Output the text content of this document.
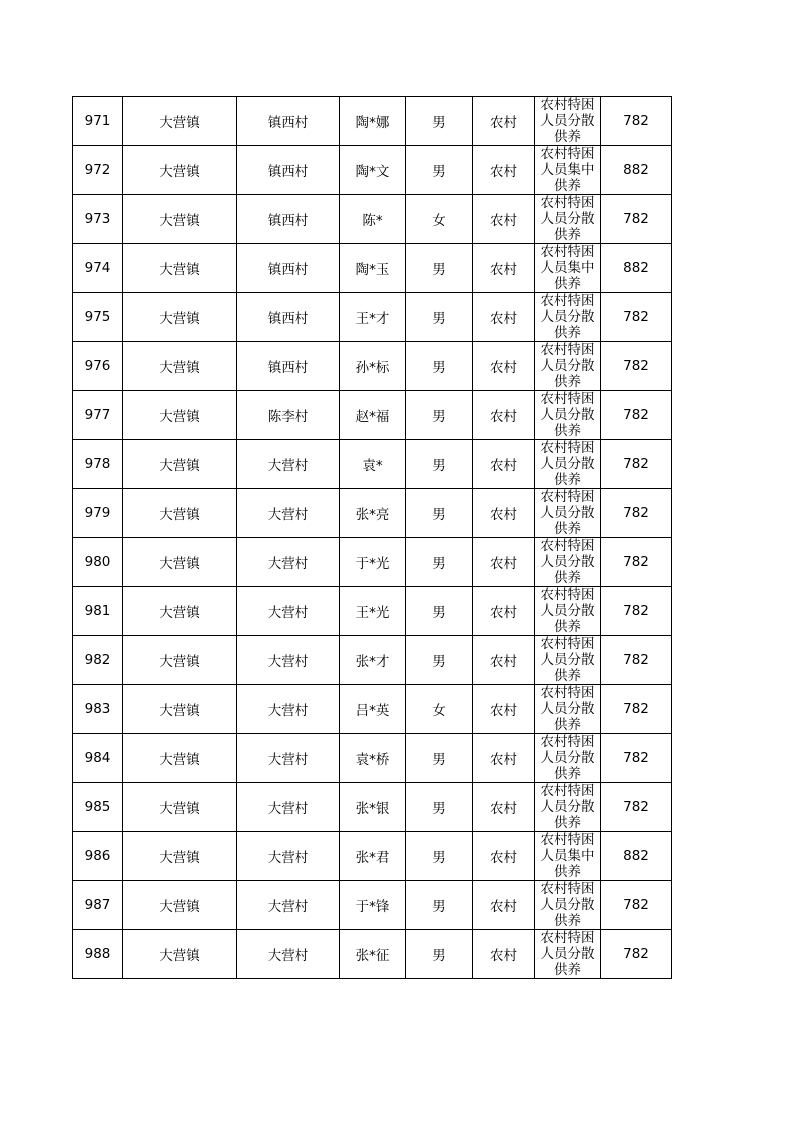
971	大营镇	镇西村	陶*娜	男	农村	农村特困人员分散供养	782
972	大营镇	镇西村	陶*文	男	农村	农村特困人员集中供养	882
973	大营镇	镇西村	陈*	女	农村	农村特困人员分散供养	782
974	大营镇	镇西村	陶*玉	男	农村	农村特困人员集中供养	882
975	大营镇	镇西村	王*才	男	农村	农村特困人员分散供养	782
976	大营镇	镇西村	孙*标	男	农村	农村特困人员分散供养	782
977	大营镇	陈李村	赵*福	男	农村	农村特困人员分散供养	782
978	大营镇	大营村	袁*	男	农村	农村特困人员分散供养	782
979	大营镇	大营村	张*亮	男	农村	农村特困人员分散供养	782
980	大营镇	大营村	于*光	男	农村	农村特困人员分散供养	782
981	大营镇	大营村	王*光	男	农村	农村特困人员分散供养	782
982	大营镇	大营村	张*才	男	农村	农村特困人员分散供养	782
983	大营镇	大营村	吕*英	女	农村	农村特困人员分散供养	782
984	大营镇	大营村	袁*桥	男	农村	农村特困人员分散供养	782
985	大营镇	大营村	张*银	男	农村	农村特困人员分散供养	782
986	大营镇	大营村	张*君	男	农村	农村特困人员集中供养	882
987	大营镇	大营村	于*锋	男	农村	农村特困人员分散供养	782
988	大营镇	大营村	张*征	男	农村	农村特困人员分散供养	782
